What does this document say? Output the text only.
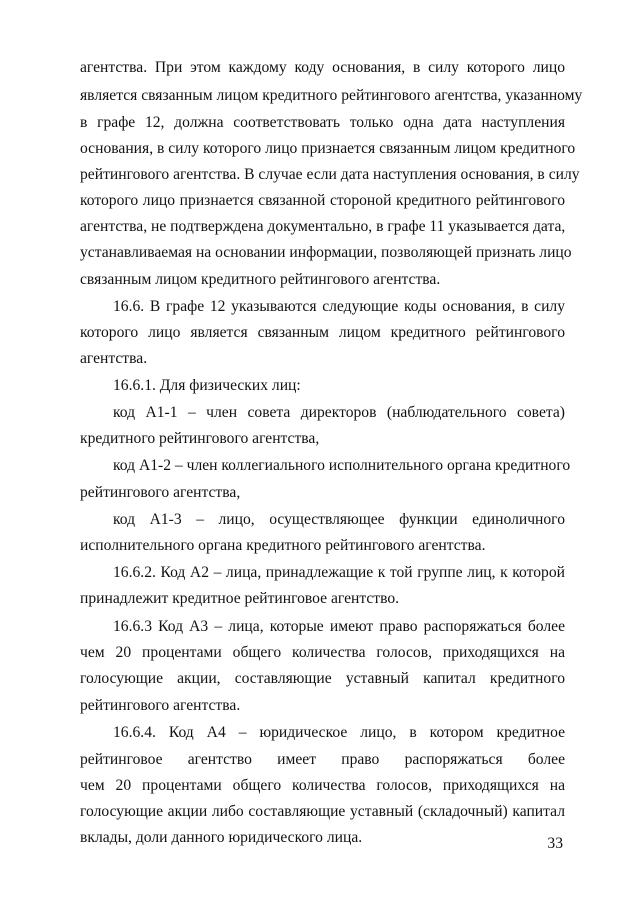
агентства. При этом каждому коду основания, в силу которого лицо
является связанным лицом кредитного рейтингового агентства, указанному
в графе 12, должна соответствовать только одна дата наступления
основания, в силу которого лицо признается связанным лицом кредитного
рейтингового агентства. В случае если дата наступления основания, в силу
которого лицо признается связанной стороной кредитного рейтингового
агентства, не подтверждена документально, в графе 11 указывается дата,
устанавливаемая на основании информации, позволяющей признать лицо
связанным лицом кредитного рейтингового агентства.
16.6. В графе 12 указываются следующие коды основания, в силу
которого лицо является связанным лицом кредитного рейтингового
агентства.
16.6.1. Для физических лиц:
код А1-1 – член совета директоров (наблюдательного совета)
кредитного рейтингового агентства,
код А1-2 – член коллегиального исполнительного органа кредитного
рейтингового агентства,
код А1-3 – лицо, осуществляющее функции единоличного
исполнительного органа кредитного рейтингового агентства.
16.6.2. Код А2 – лица, принадлежащие к той группе лиц, к которой
принадлежит кредитное рейтинговое агентство.
16.6.3 Код А3 – лица, которые имеют право распоряжаться более
чем 20 процентами общего количества голосов, приходящихся на
голосующие акции, составляющие уставный капитал кредитного
рейтингового агентства.
16.6.4. Код А4 – юридическое лицо, в котором кредитное
рейтинговое агентство имеет право распоряжаться более
чем 20 процентами общего количества голосов, приходящихся на
голосующие акции либо составляющие уставный (складочный) капитал
вклады, доли данного юридического лица.	33
